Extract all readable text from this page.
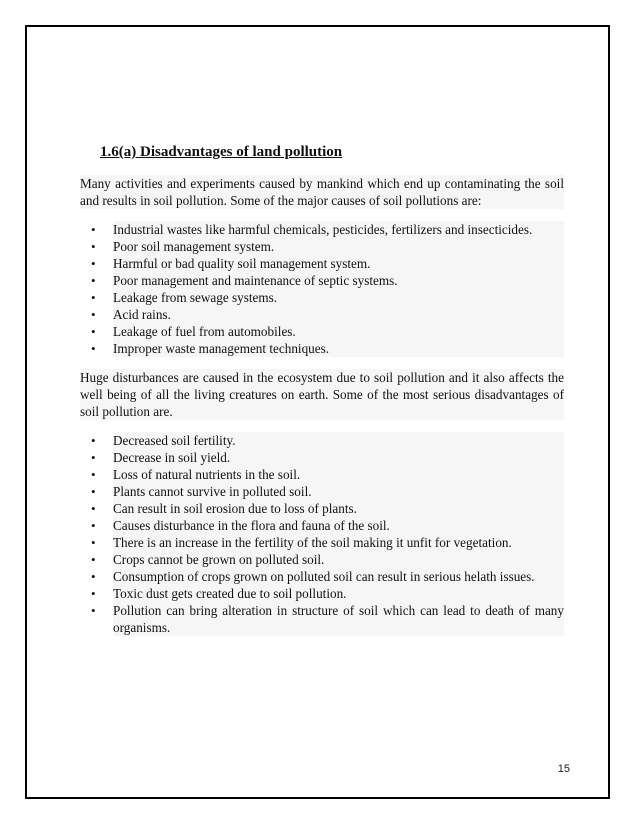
1.6(a) Disadvantages of land pollution

Many activities and experiments caused by mankind which end up contaminating the soil and results in soil pollution. Some of the major causes of soil pollutions are:

• Industrial wastes like harmful chemicals, pesticides, fertilizers and insecticides.
• Poor soil management system.
• Harmful or bad quality soil management system.
• Poor management and maintenance of septic systems.
• Leakage from sewage systems.
• Acid rains.
• Leakage of fuel from automobiles.
• Improper waste management techniques.

Huge disturbances are caused in the ecosystem due to soil pollution and it also affects the well being of all the living creatures on earth. Some of the most serious disadvantages of soil pollution are.

• Decreased soil fertility.
• Decrease in soil yield.
• Loss of natural nutrients in the soil.
• Plants cannot survive in polluted soil.
• Can result in soil erosion due to loss of plants.
• Causes disturbance in the flora and fauna of the soil.
• There is an increase in the fertility of the soil making it unfit for vegetation.
• Crops cannot be grown on polluted soil.
• Consumption of crops grown on polluted soil can result in serious helath issues.
• Toxic dust gets created due to soil pollution.
• Pollution can bring alteration in structure of soil which can lead to death of many organisms.
15
